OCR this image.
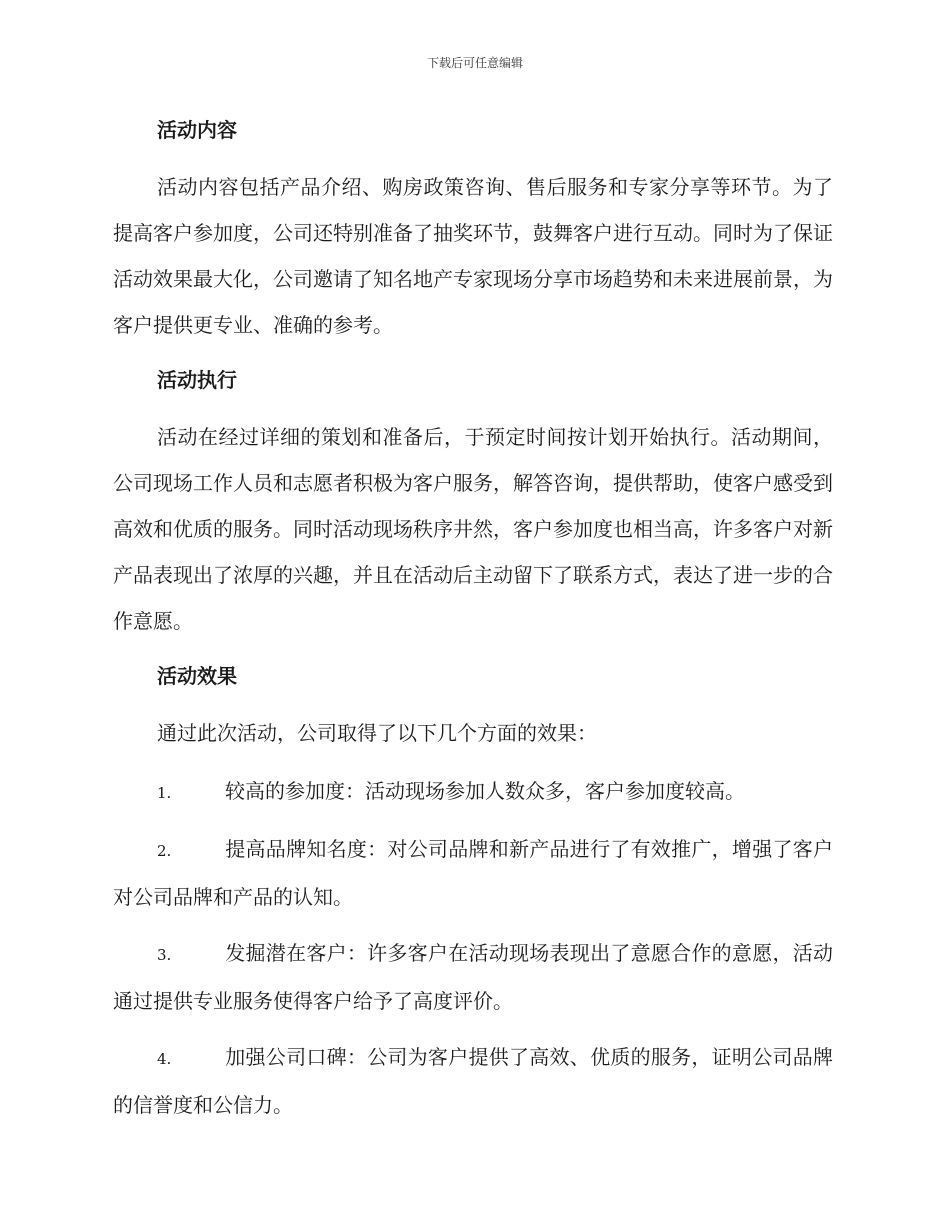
下载后可任意编辑
活动内容

活动内容包括产品介绍、购房政策咨询、售后服务和专家分享等环节。为了提高客户参加度，公司还特别准备了抽奖环节，鼓舞客户进行互动。同时为了保证活动效果最大化，公司邀请了知名地产专家现场分享市场趋势和未来进展前景，为客户提供更专业、准确的参考。

活动执行

活动在经过详细的策划和准备后，于预定时间按计划开始执行。活动期间，公司现场工作人员和志愿者积极为客户服务，解答咨询，提供帮助，使客户感受到高效和优质的服务。同时活动现场秩序井然，客户参加度也相当高，许多客户对新产品表现出了浓厚的兴趣，并且在活动后主动留下了联系方式，表达了进一步的合作意愿。

活动效果

通过此次活动，公司取得了以下几个方面的效果：

1.	较高的参加度：活动现场参加人数众多，客户参加度较高。

2.	提高品牌知名度：对公司品牌和新产品进行了有效推广，增强了客户对公司品牌和产品的认知。

3.	发掘潜在客户：许多客户在活动现场表现出了意愿合作的意愿，活动通过提供专业服务使得客户给予了高度评价。

4.	加强公司口碑：公司为客户提供了高效、优质的服务，证明公司品牌的信誉度和公信力。
